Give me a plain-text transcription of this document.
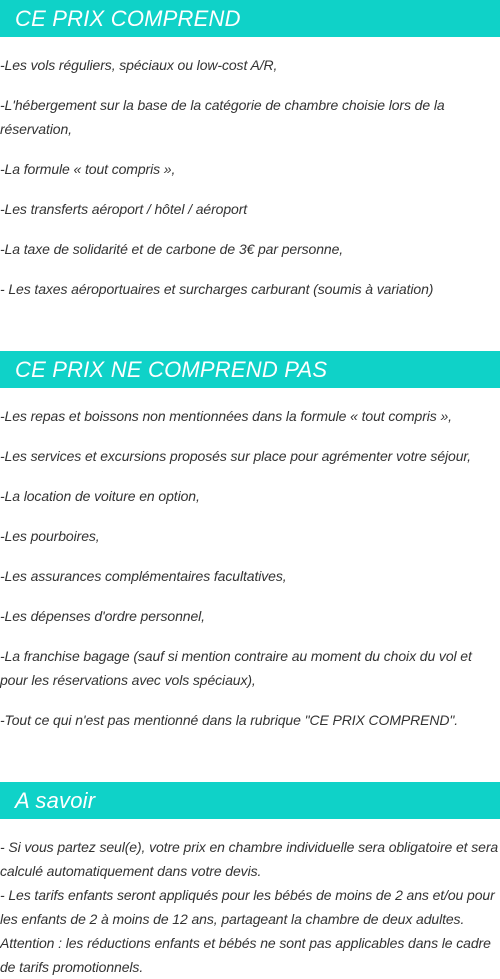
CE PRIX COMPREND

-Les vols réguliers, spéciaux ou low-cost A/R,

-L'hébergement sur la base de la catégorie de chambre choisie lors de la réservation,

-La formule « tout compris »,

-Les transferts aéroport / hôtel / aéroport

-La taxe de solidarité et de carbone de 3€ par personne,

- Les taxes aéroportuaires et surcharges carburant (soumis à variation)

CE PRIX NE COMPREND PAS

-Les repas et boissons non mentionnées dans la formule « tout compris »,

-Les services et excursions proposés sur place pour agrémenter votre séjour,

-La location de voiture en option,

-Les pourboires,

-Les assurances complémentaires facultatives,

-Les dépenses d'ordre personnel,

-La franchise bagage (sauf si mention contraire au moment du choix du vol et pour les réservations avec vols spéciaux),

-Tout ce qui n'est pas mentionné dans la rubrique "CE PRIX COMPREND".

A savoir

- Si vous partez seul(e), votre prix en chambre individuelle sera obligatoire et sera calculé automatiquement dans votre devis.

- Les tarifs enfants seront appliqués pour les bébés de moins de 2 ans et/ou pour les enfants de 2 à moins de 12 ans, partageant la chambre de deux adultes.

Attention : les réductions enfants et bébés ne sont pas applicables dans le cadre de tarifs promotionnels.
